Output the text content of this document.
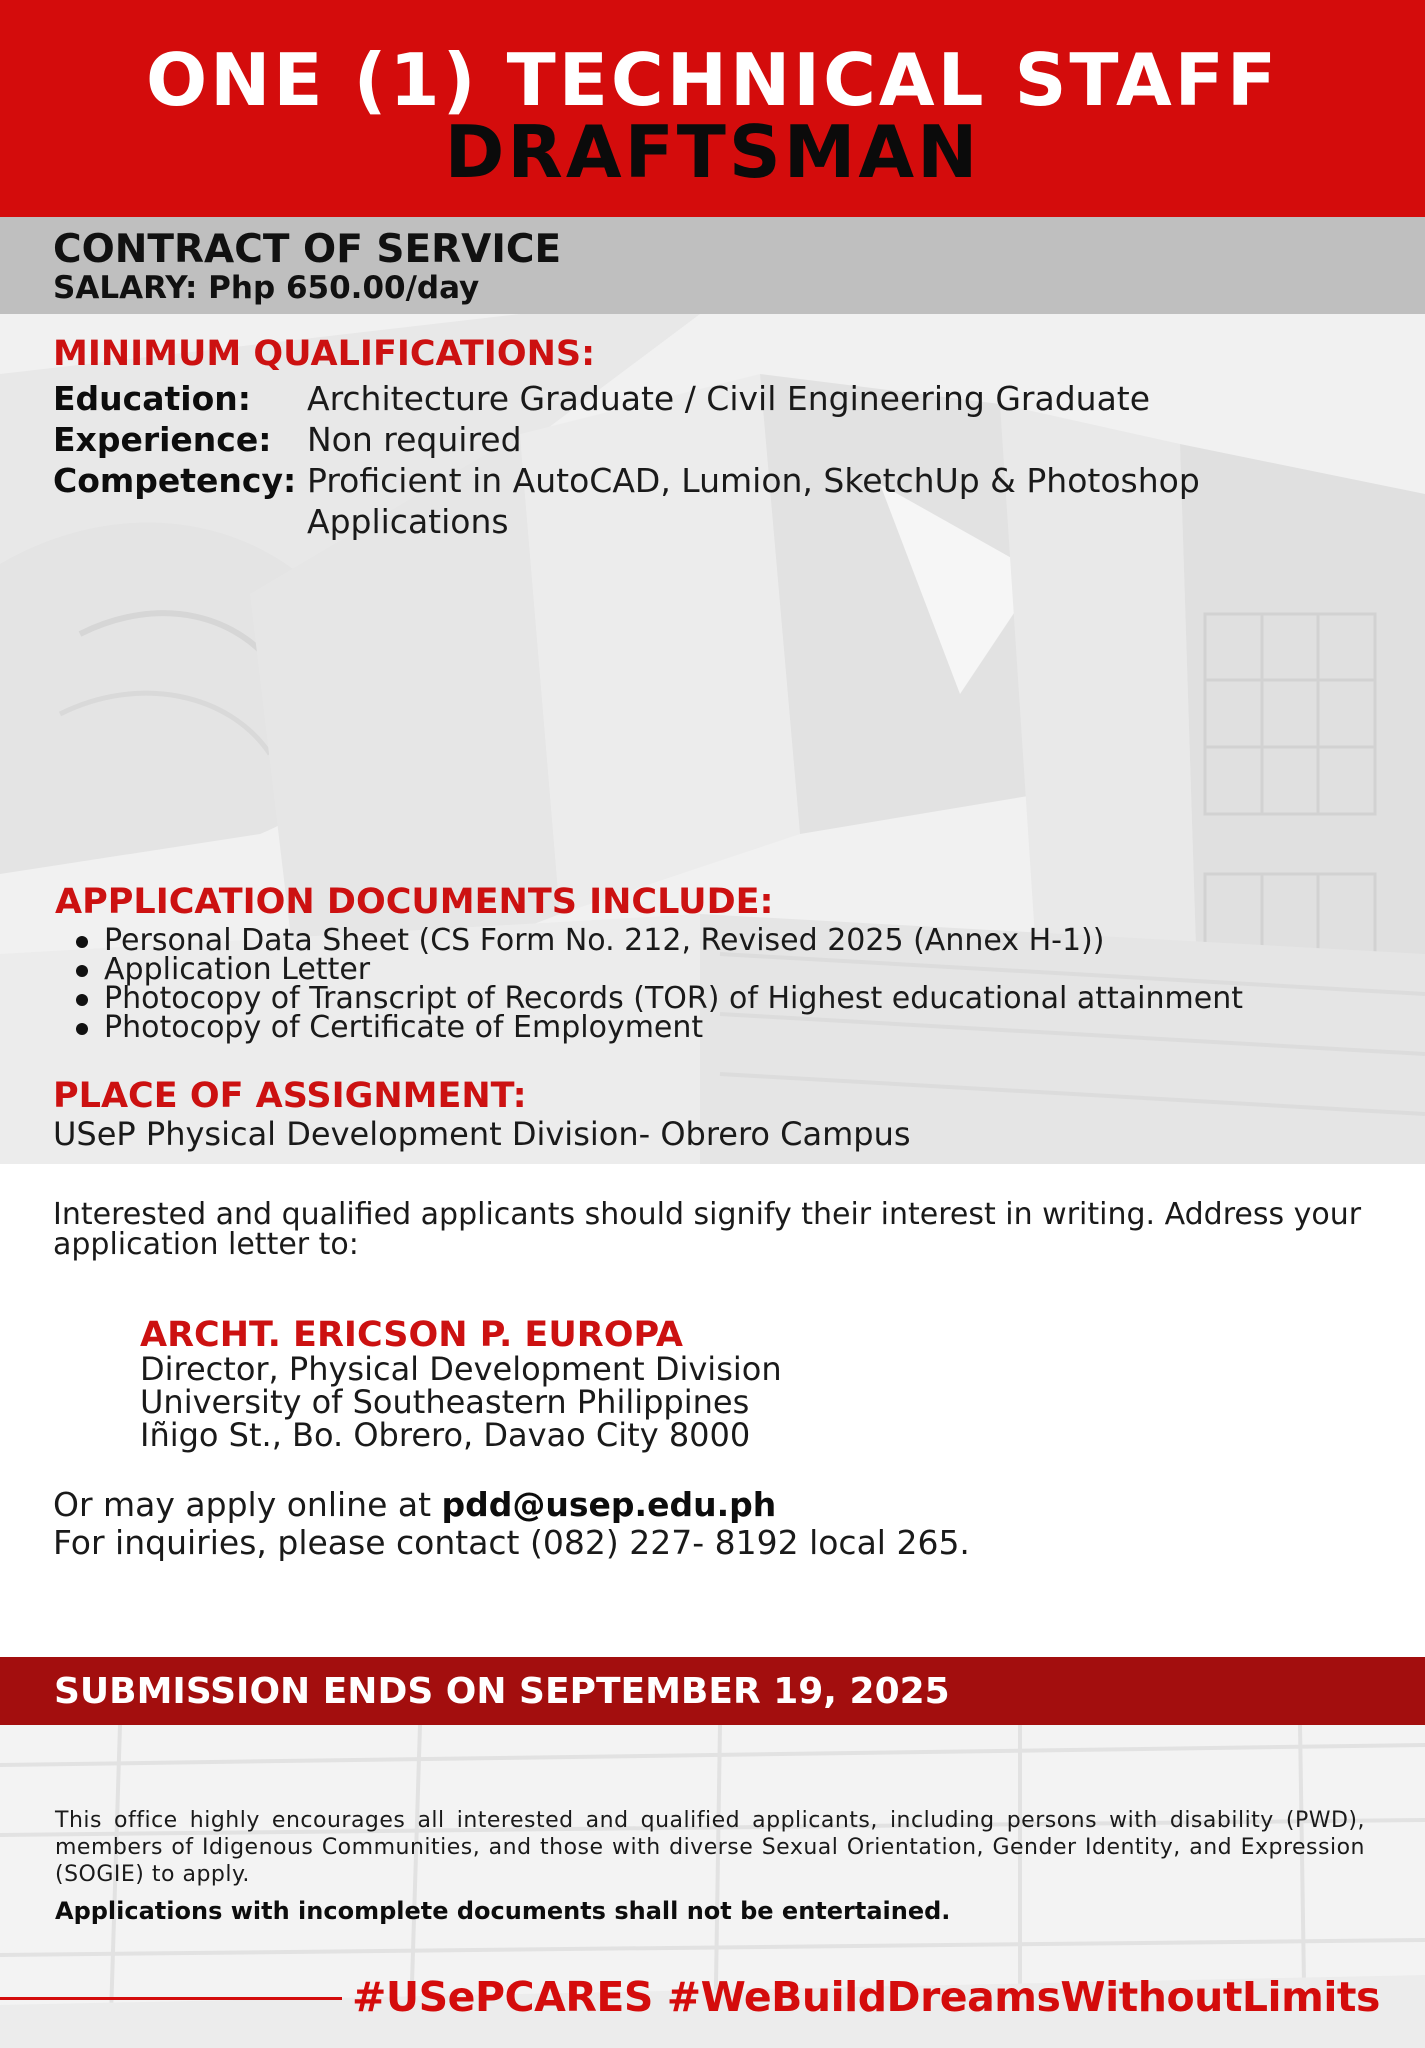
ONE (1) TECHNICAL STAFF
DRAFTSMAN
CONTRACT OF SERVICE
SALARY: Php 650.00/day
MINIMUM QUALIFICATIONS:
Education: Architecture Graduate / Civil Engineering Graduate
Experience: Non required
Competency: Proficient in AutoCAD, Lumion, SketchUp & Photoshop Applications
APPLICATION DOCUMENTS INCLUDE:
Personal Data Sheet (CS Form No. 212, Revised 2025 (Annex H-1))
Application Letter
Photocopy of Transcript of Records (TOR) of Highest educational attainment
Photocopy of Certificate of Employment
PLACE OF ASSIGNMENT:
USeP Physical Development Division- Obrero Campus
Interested and qualified applicants should signify their interest in writing. Address your application letter to:
ARCHT. ERICSON P. EUROPA
Director, Physical Development Division
University of Southeastern Philippines
Iñigo St., Bo. Obrero, Davao City 8000
Or may apply online at pdd@usep.edu.ph
For inquiries, please contact (082) 227- 8192 local 265.
SUBMISSION ENDS ON SEPTEMBER 19, 2025
This office highly encourages all interested and qualified applicants, including persons with disability (PWD), members of Idigenous Communities, and those with diverse Sexual Orientation, Gender Identity, and Expression (SOGIE) to apply.
Applications with incomplete documents shall not be entertained.
#USePCARES #WeBuildDreamsWithoutLimits
